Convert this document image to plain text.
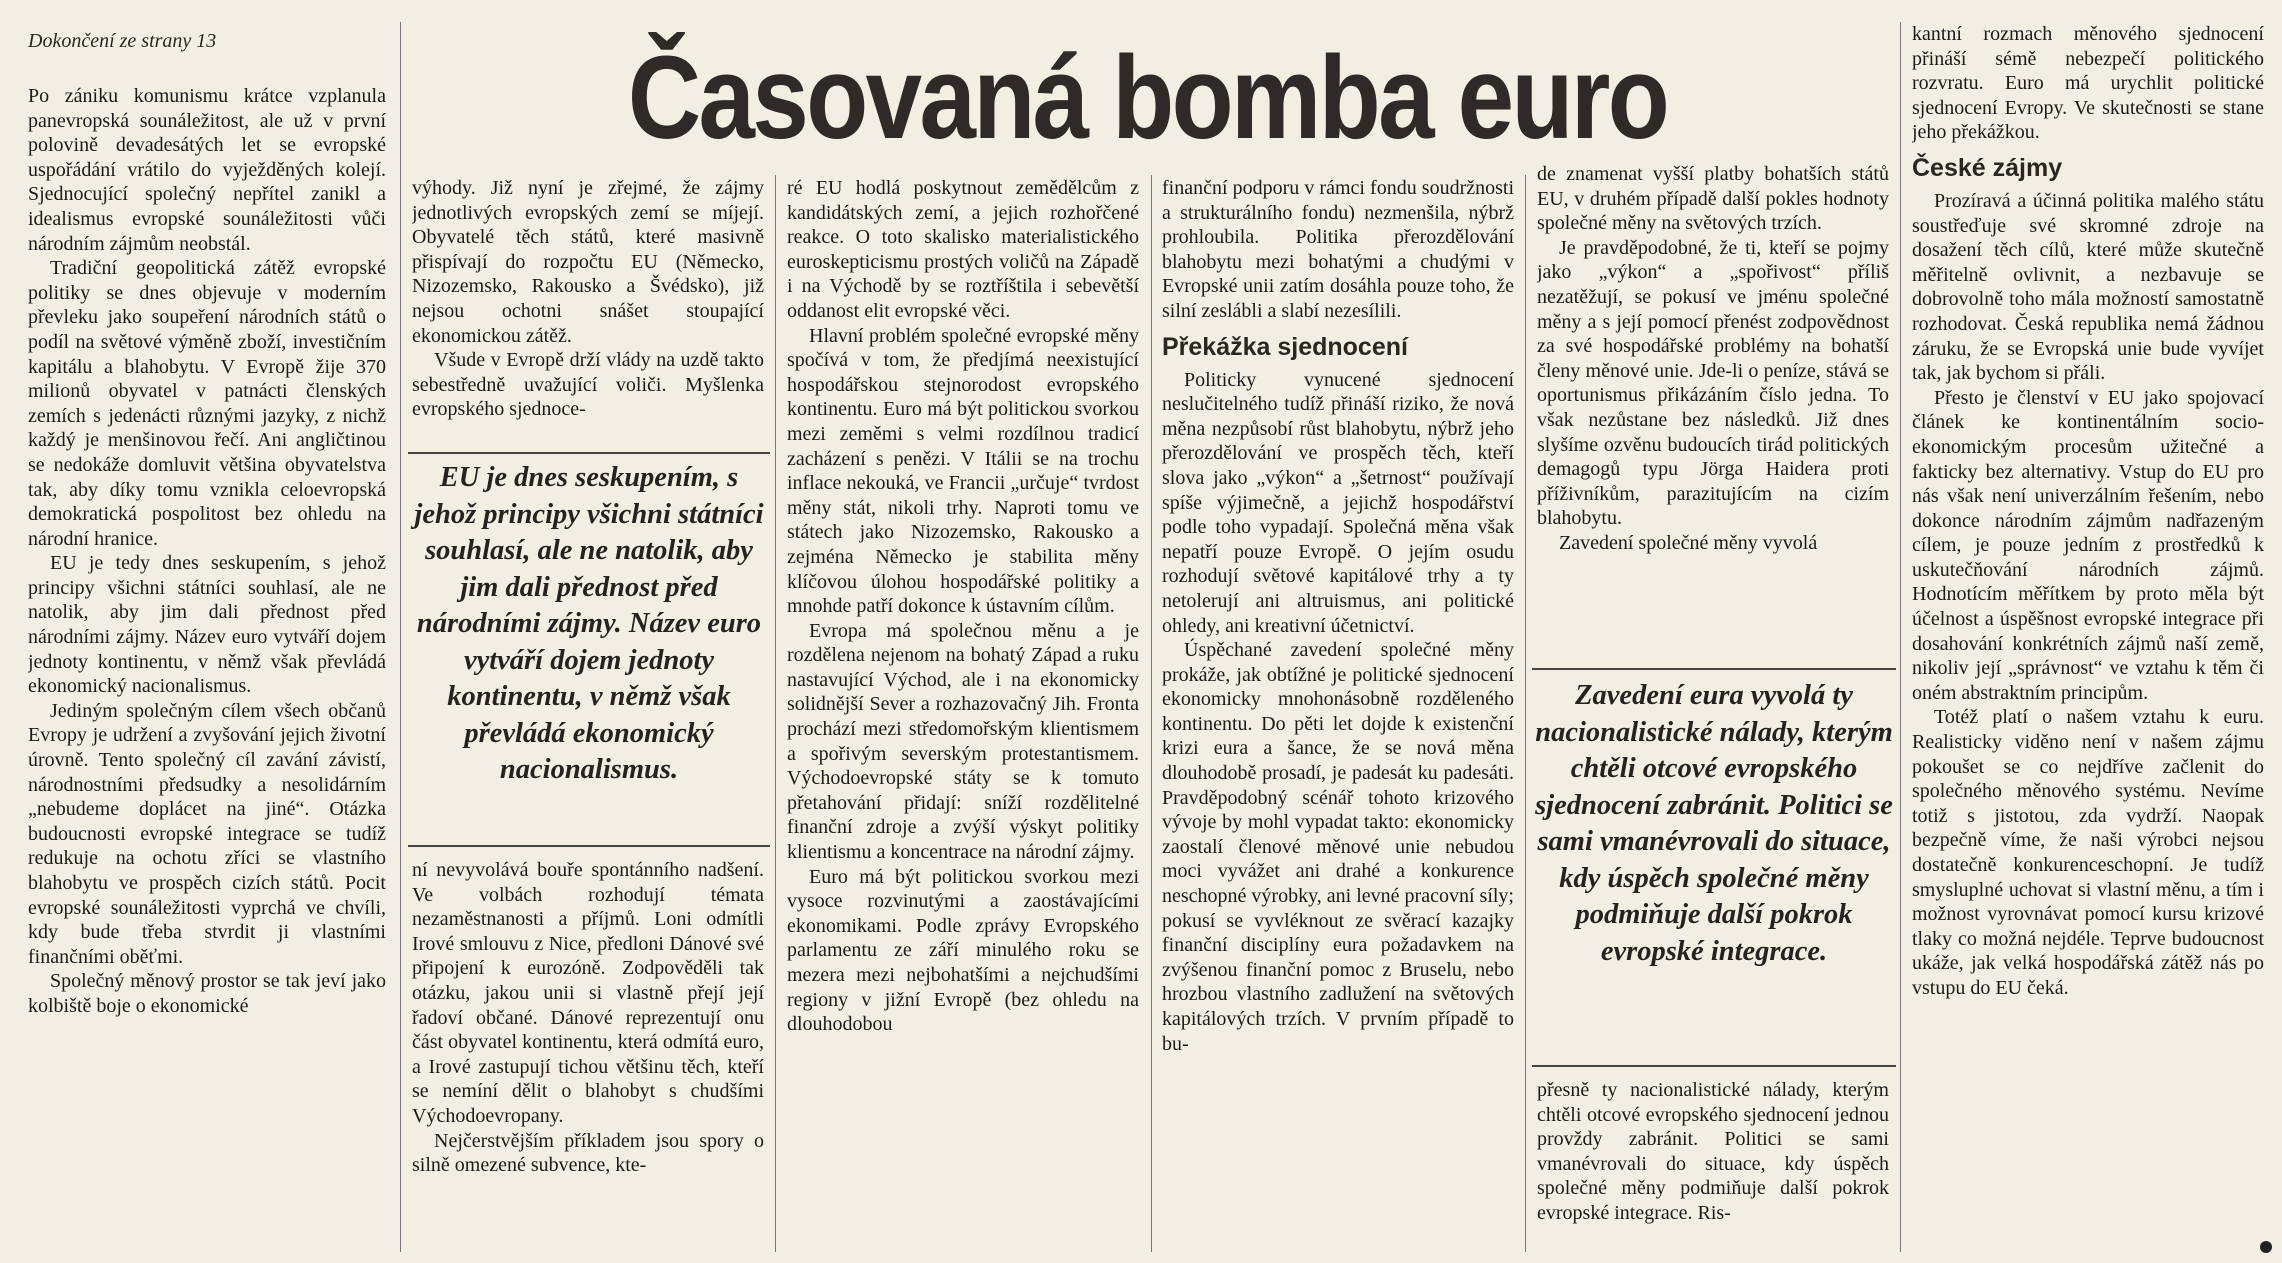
Dokončení ze strany 13	Časovaná bomba euro

Po zániku komunismu krátce vzplanula panevropská sounáležitost, ale už v první polovině devadesátých let se evropské uspořádání vrátilo do vyježděných kolejí. Sjednocující společný nepřítel zanikl a idealismus evropské sounáležitosti vůči národním zájmům neobstál.

Tradiční geopolitická zátěž evropské politiky se dnes objevuje v moderním převleku jako soupeření národních států o podíl na světové výměně zboží, investičním kapitálu a blahobytu. V Evropě žije 370 milionů obyvatel v patnácti členských zemích s jedenácti různými jazyky, z nichž každý je menšinovou řečí. Ani angličtinou se nedokáže domluvit většina obyvatelstva tak, aby díky tomu vznikla celoevropská demokratická pospolitost bez ohledu na národní hranice.

EU je tedy dnes seskupením, s jehož principy všichni státníci souhlasí, ale ne natolik, aby jim dali přednost před národními zájmy. Název euro vytváří dojem jednoty kontinentu, v němž však převládá ekonomický nacionalismus.

Jediným společným cílem všech občanů Evropy je udržení a zvyšování jejich životní úrovně. Tento společný cíl zavání závistí, národnostními předsudky a nesolidárním „nebudeme doplácet na jiné“. Otázka budoucnosti evropské integrace se tudíž redukuje na ochotu zříci se vlastního blahobytu ve prospěch cizích států. Pocit evropské sounáležitosti vyprchá ve chvíli, kdy bude třeba stvrdit ji vlastními finančními oběťmi.

Společný měnový prostor se tak jeví jako kolbiště boje o ekonomické

výhody. Již nyní je zřejmé, že zájmy jednotlivých evropských zemí se míjejí. Obyvatelé těch států, které masivně přispívají do rozpočtu EU (Německo, Nizozemsko, Rakousko a Švédsko), již nejsou ochotni snášet stoupající ekonomickou zátěž.

Všude v Evropě drží vlády na uzdě takto sebestředně uvažující voliči. Myšlenka evropského sjednoce-

EU je dnes seskupením, s jehož principy všichni státníci souhlasí, ale ne natolik, aby jim dali přednost před národními zájmy. Název euro vytváří dojem jednoty kontinentu, v němž však převládá ekonomický nacionalismus.

ní nevyvolává bouře spontánního nadšení. Ve volbách rozhodují témata nezaměstnanosti a příjmů. Loni odmítli Irové smlouvu z Nice, předloni Dánové své připojení k eurozóně. Zodpověděli tak otázku, jakou unii si vlastně přejí její řadoví občané. Dánové reprezentují onu část obyvatel kontinentu, která odmítá euro, a Irové zastupují tichou většinu těch, kteří se nemíní dělit o blahobyt s chudšími Východoevropany.

Nejčerstvějším příkladem jsou spory o silně omezené subvence, kte-

ré EU hodlá poskytnout zemědělcům z kandidátských zemí, a jejich rozhořčené reakce. O toto skalisko materialistického euroskepticismu prostých voličů na Západě i na Východě by se roztříštila i sebevětší oddanost elit evropské věci.

Hlavní problém společné evropské měny spočívá v tom, že předjímá neexistující hospodářskou stejnorodost evropského kontinentu. Euro má být politickou svorkou mezi zeměmi s velmi rozdílnou tradicí zacházení s penězi. V Itálii se na trochu inflace nekouká, ve Francii „určuje“ tvrdost měny stát, nikoli trhy. Naproti tomu ve státech jako Nizozemsko, Rakousko a zejména Německo je stabilita měny klíčovou úlohou hospodářské politiky a mnohde patří dokonce k ústavním cílům.

Evropa má společnou měnu a je rozdělena nejenom na bohatý Západ a ruku nastavující Východ, ale i na ekonomicky solidnější Sever a rozhazovačný Jih. Fronta prochází mezi středomořským klientismem a spořivým severským protestantismem. Východoevropské státy se k tomuto přetahování přidají: sníží rozdělitelné finanční zdroje a zvýší výskyt politiky klientismu a koncentrace na národní zájmy.

Euro má být politickou svorkou mezi vysoce rozvinutými a zaostávajícími ekonomikami. Podle zprávy Evropského parlamentu ze září minulého roku se mezera mezi nejbohatšími a nejchudšími regiony v jižní Evropě (bez ohledu na dlouhodobou

finanční podporu v rámci fondu soudržnosti a strukturálního fondu) nezmenšila, nýbrž prohloubila. Politika přerozdělování blahobytu mezi bohatými a chudými v Evropské unii zatím dosáhla pouze toho, že silní zeslábli a slabí nezesílili.

Překážka sjednocení

Politicky vynucené sjednocení neslučitelného tudíž přináší riziko, že nová měna nezpůsobí růst blahobytu, nýbrž jeho přerozdělování ve prospěch těch, kteří slova jako „výkon“ a „šetrnost“ používají spíše výjimečně, a jejichž hospodářství podle toho vypadají. Společná měna však nepatří pouze Evropě. O jejím osudu rozhodují světové kapitálové trhy a ty netolerují ani altruismus, ani politické ohledy, ani kreativní účetnictví.

Úspěchané zavedení společné měny prokáže, jak obtížné je politické sjednocení ekonomicky mnohonásobně rozděleného kontinentu. Do pěti let dojde k existenční krizi eura a šance, že se nová měna dlouhodobě prosadí, je padesát ku padesáti. Pravděpodobný scénář tohoto krizového vývoje by mohl vypadat takto: ekonomicky zaostalí členové měnové unie nebudou moci vyvážet ani drahé a konkurence neschopné výrobky, ani levné pracovní síly; pokusí se vyvléknout ze svěrací kazajky finanční disciplíny eura požadavkem na zvýšenou finanční pomoc z Bruselu, nebo hrozbou vlastního zadlužení na světových kapitálových trzích. V prvním případě to bu-

de znamenat vyšší platby bohatších států EU, v druhém případě další pokles hodnoty společné měny na světových trzích.

Je pravděpodobné, že ti, kteří se pojmy jako „výkon“ a „spořivost“ příliš nezatěžují, se pokusí ve jménu společné měny a s její pomocí přenést zodpovědnost za své hospodářské problémy na bohatší členy měnové unie. Jde-li o peníze, stává se oportunismus přikázáním číslo jedna. To však nezůstane bez následků. Již dnes slyšíme ozvěnu budoucích tirád politických demagogů typu Jörga Haidera proti příživníkům, parazitujícím na cizím blahobytu.

Zavedení společné měny vyvolá

Zavedení eura vyvolá ty nacionalistické nálady, kterým chtěli otcové evropského sjednocení zabránit. Politici se sami vmanévrovali do situace, kdy úspěch společné měny podmiňuje další pokrok evropské integrace.

přesně ty nacionalistické nálady, kterým chtěli otcové evropského sjednocení jednou provždy zabránit. Politici se sami vmanévrovali do situace, kdy úspěch společné měny podmiňuje další pokrok evropské integrace. Ris-

kantní rozmach měnového sjednocení přináší sémě nebezpečí politického rozvratu. Euro má urychlit politické sjednocení Evropy. Ve skutečnosti se stane jeho překážkou.

České zájmy

Prozíravá a účinná politika malého státu soustřeďuje své skromné zdroje na dosažení těch cílů, které může skutečně měřitelně ovlivnit, a nezbavuje se dobrovolně toho mála možností samostatně rozhodovat. Česká republika nemá žádnou záruku, že se Evropská unie bude vyvíjet tak, jak bychom si přáli.

Přesto je členství v EU jako spojovací článek ke kontinentálním socio-ekonomickým procesům užitečné a fakticky bez alternativy. Vstup do EU pro nás však není univerzálním řešením, nebo dokonce národním zájmům nadřazeným cílem, je pouze jedním z prostředků k uskutečňování národních zájmů. Hodnotícím měřítkem by proto měla být účelnost a úspěšnost evropské integrace při dosahování konkrétních zájmů naší země, nikoliv její „správnost“ ve vztahu k těm či oném abstraktním principům.

Totéž platí o našem vztahu k euru. Realisticky viděno není v našem zájmu pokoušet se co nejdříve začlenit do společného měnového systému. Nevíme totiž s jistotou, zda vydrží. Naopak bezpečně víme, že naši výrobci nejsou dostatečně konkurenceschopní. Je tudíž smysluplné uchovat si vlastní měnu, a tím i možnost vyrovnávat pomocí kursu krizové tlaky co možná nejdéle. Teprve budoucnost ukáže, jak velká hospodářská zátěž nás po vstupu do EU čeká.
